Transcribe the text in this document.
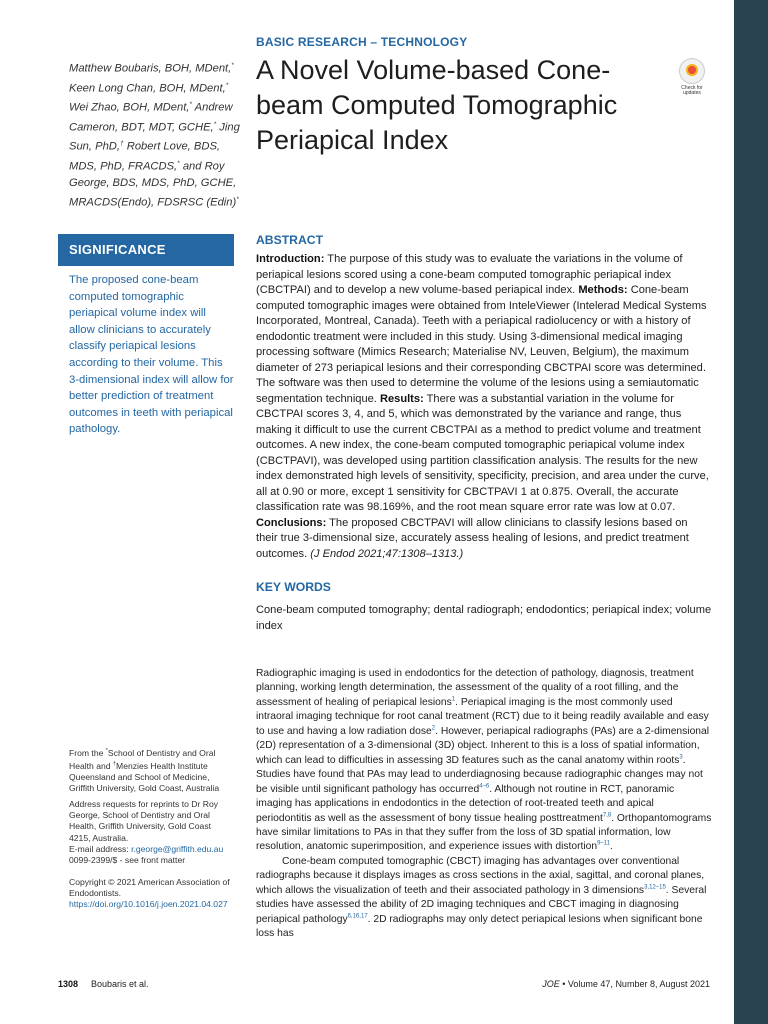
BASIC RESEARCH – TECHNOLOGY
A Novel Volume-based Cone-beam Computed Tomographic Periapical Index
Check for updates
Matthew Boubaris, BOH, MDent,* Keen Long Chan, BOH, MDent,* Wei Zhao, BOH, MDent,* Andrew Cameron, BDT, MDT, GCHE,* Jing Sun, PhD,† Robert Love, BDS, MDS, PhD, FRACDS,* and Roy George, BDS, MDS, PhD, GCHE, MRACDS(Endo), FDSRSC (Edin)*
SIGNIFICANCE
The proposed cone-beam computed tomographic periapical volume index will allow clinicians to accurately classify periapical lesions according to their volume. This 3-dimensional index will allow for better prediction of treatment outcomes in teeth with periapical pathology.
ABSTRACT
Introduction: The purpose of this study was to evaluate the variations in the volume of periapical lesions scored using a cone-beam computed tomographic periapical index (CBCTPAI) and to develop a new volume-based periapical index. Methods: Cone-beam computed tomographic images were obtained from InteleViewer (Intelerad Medical Systems Incorporated, Montreal, Canada). Teeth with a periapical radiolucency or with a history of endodontic treatment were included in this study. Using 3-dimensional medical imaging processing software (Mimics Research; Materialise NV, Leuven, Belgium), the maximum diameter of 273 periapical lesions and their corresponding CBCTPAI score was determined. The software was then used to determine the volume of the lesions using a semiautomatic segmentation technique. Results: There was a substantial variation in the volume for CBCTPAI scores 3, 4, and 5, which was demonstrated by the variance and range, thus making it difficult to use the current CBCTPAI as a method to predict volume and treatment outcomes. A new index, the cone-beam computed tomographic periapical volume index (CBCTPAVI), was developed using partition classification analysis. The results for the new index demonstrated high levels of sensitivity, specificity, precision, and area under the curve, all at 0.90 or more, except 1 sensitivity for CBCTPAVI 1 at 0.875. Overall, the accurate classification rate was 98.169%, and the root mean square error rate was low at 0.07.
Conclusions: The proposed CBCTPAVI will allow clinicians to classify lesions based on their true 3-dimensional size, accurately assess healing of lesions, and predict treatment outcomes. (J Endod 2021;47:1308–1313.)
KEY WORDS
Cone-beam computed tomography; dental radiograph; endodontics; periapical index; volume index

Radiographic imaging is used in endodontics for the detection of pathology, diagnosis, treatment planning, working length determination, the assessment of the quality of a root filling, and the assessment of healing of periapical lesions$^1$. Periapical imaging is the most commonly used intraoral imaging technique for root canal treatment (RCT) due to it being readily available and easy to use and having a low radiation dose$^2$. However, periapical radiographs (PAs) are a 2-dimensional (2D) representation of a 3-dimensional (3D) object. Inherent to this is a loss of spatial information, which can lead to difficulties in assessing 3D features such as the canal anatomy within roots$^3$. Studies have found that PAs may lead to underdiagnosing because radiographic changes may not be visible until significant pathology has occurred$^{4-6}$. Although not routine in RCT, panoramic imaging has applications in endodontics in the detection of root-treated teeth and apical periodontitis as well as the assessment of bony tissue healing posttreatment$^{7,8}$. Orthopantomograms have similar limitations to PAs in that they suffer from the loss of 3D spatial information, low resolution, anatomic superimposition, and experience issues with distortion$^{9-11}$.

Cone-beam computed tomographic (CBCT) imaging has advantages over conventional radiographs because it displays images as cross sections in the axial, sagittal, and coronal planes, which allows the visualization of teeth and their associated pathology in 3 dimensions$^{3,12-15}$. Several studies have assessed the ability of 2D imaging techniques and CBCT imaging in diagnosing periapical pathology$^{6,16,17}$. 2D radiographs may only detect periapical lesions when significant bone loss has

From the *School of Dentistry and Oral Health and †Menzies Health Institute Queensland and School of Medicine, Griffith University, Gold Coast, Australia
Address requests for reprints to Dr Roy George, School of Dentistry and Oral Health, Griffith University, Gold Coast 4215, Australia.
E-mail address: r.george@griffith.edu.au
0099-2399/$ - see front matter
Copyright © 2021 American Association of Endodontists.
https://doi.org/10.1016/j.joen.2021.04.027
1308 Boubaris et al.	JOE • Volume 47, Number 8, August 2021
